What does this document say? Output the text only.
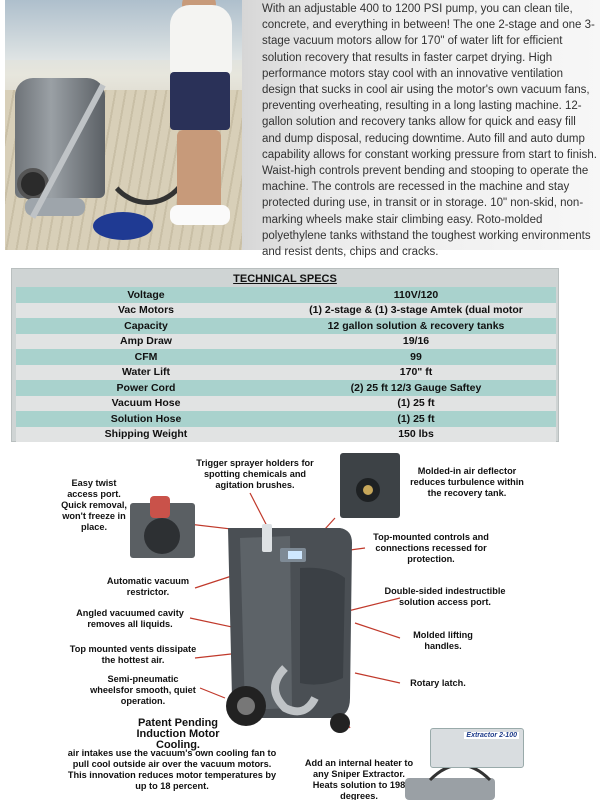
With an adjustable 400 to 1200 PSI pump, you can clean tile, concrete, and everything in between! The one 2-stage and one 3-stage vacuum motors allow for 170" of water lift for efficient solution recovery that results in faster carpet drying. High performance motors stay cool with an innovative ventilation design that sucks in cool air using the motor's own vacuum fans, preventing overheating, resulting in a long lasting machine. 12-gallon solution and recovery tanks allow for quick and easy fill and dump disposal, reducing downtime. Auto fill and auto dump capability allows for constant working pressure from start to finish. Waist-high controls prevent bending and stooping to operate the machine. The controls are recessed in the machine and stay protected during use, in transit or in storage. 10" non-skid, non-marking wheels make stair climbing easy. Roto-molded polyethylene tanks withstand the toughest working environments and resist dents, chips and cracks.

TECHNICAL SPECS
Voltage	110V/120
Vac Motors	(1) 2-stage & (1) 3-stage Amtek (dual motor
Capacity	12 gallon solution & recovery tanks
Amp Draw	19/16
CFM	99
Water Lift	170" ft
Power Cord	(2) 25 ft 12/3 Gauge Saftey
Vacuum Hose	(1) 25 ft
Solution Hose	(1) 25 ft
Shipping Weight	150 lbs
Trigger sprayer holders for spotting chemicals and agitation brushes.
Molded-in air deflector reduces turbulence within the recovery tank.
Easy twist access port. Quick removal, won't freeze in place.
Top-mounted controls and connections recessed for protection.
Automatic vacuum restrictor.	Double-sided indestructible solution access port.
Angled vacuumed cavity removes all liquids.
Molded lifting handles.
Top mounted vents dissipate the hottest air.
Semi-pneumatic wheelsfor smooth, quiet operation.
Rotary latch.
Patent Pending Induction Motor Cooling.
air intakes use the vacuum's own cooling fan to pull cool outside air over the vacuum motors. This innovation reduces motor temperatures by up to 18 percent.
Add an internal heater to any Sniper Extractor. Heats solution to 198 degrees.
Extractor 2-100
